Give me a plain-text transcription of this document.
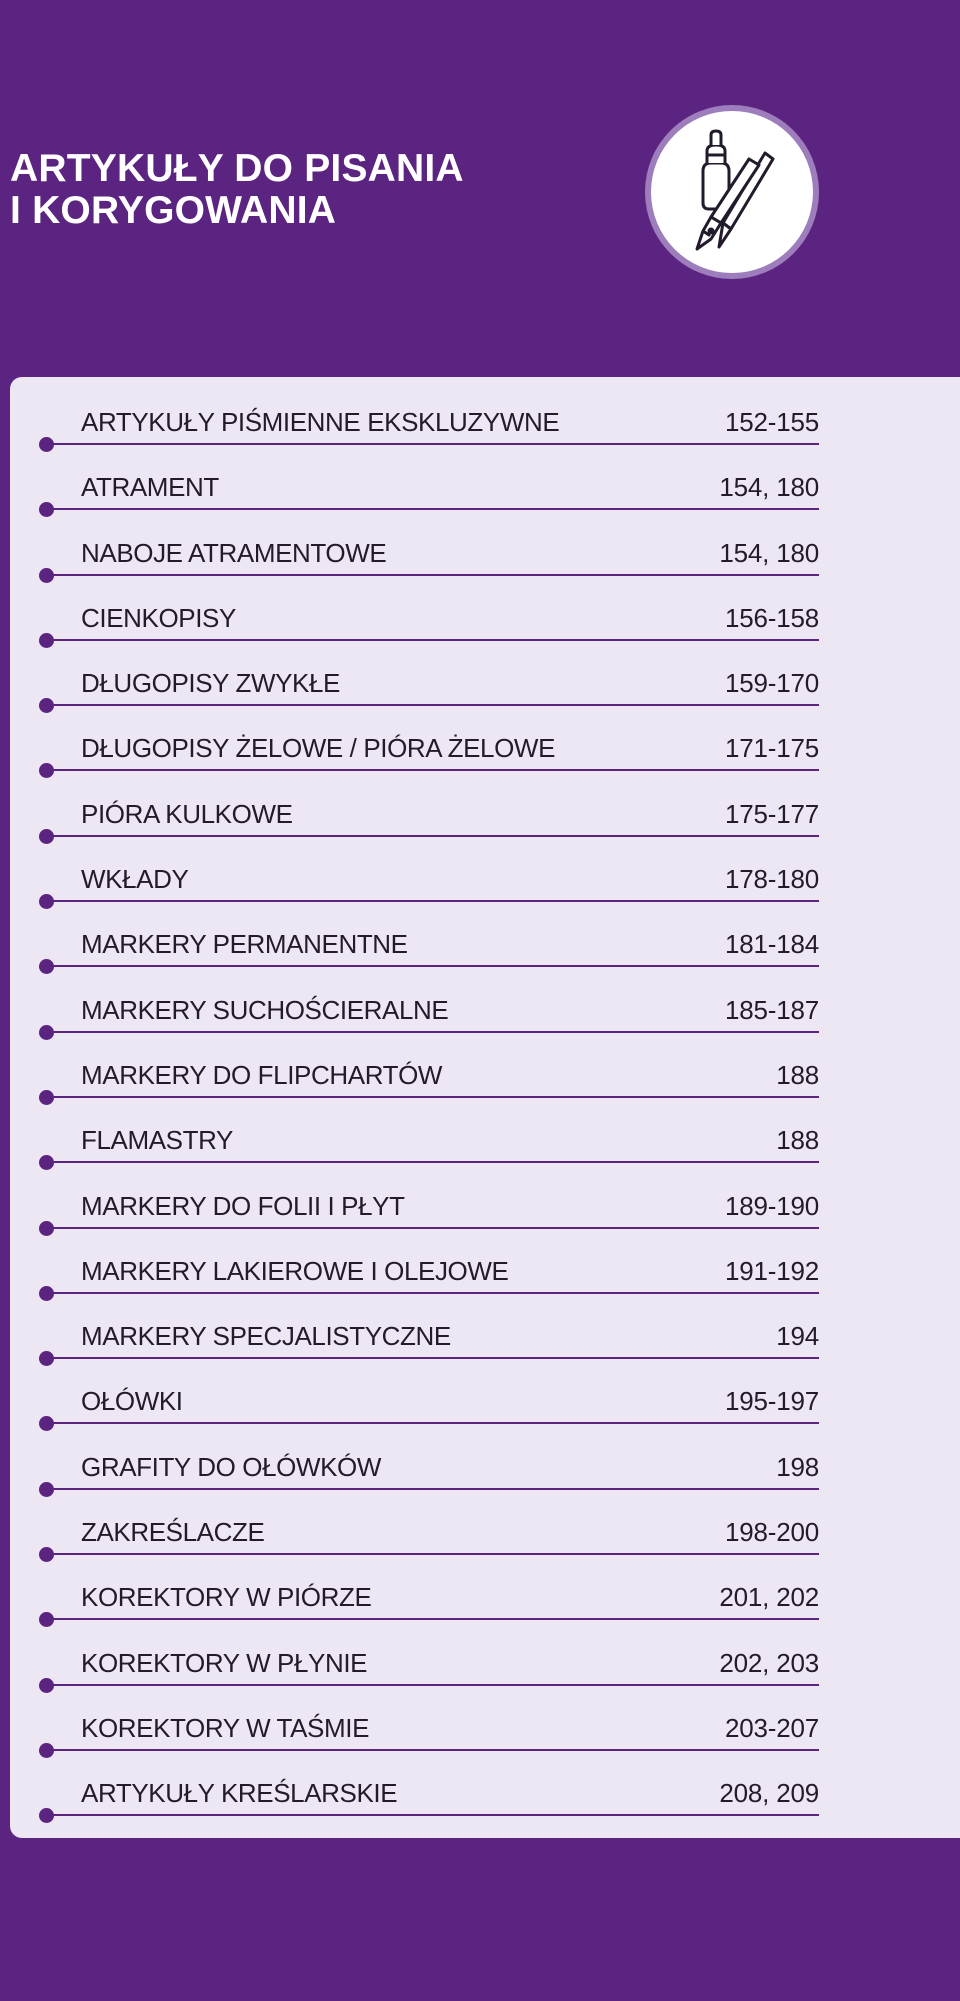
ARTYKUŁY DO PISANIA
I KORYGOWANIA
ARTYKUŁY PIŚMIENNE EKSKLUZYWNE	152-155
ATRAMENT	154, 180
NABOJE ATRAMENTOWE	154, 180
CIENKOPISY	156-158
DŁUGOPISY ZWYKŁE	159-170
DŁUGOPISY ŻELOWE / PIÓRA ŻELOWE	171-175
PIÓRA KULKOWE	175-177
WKŁADY	178-180
MARKERY PERMANENTNE	181-184
MARKERY SUCHOŚCIERALNE	185-187
MARKERY DO FLIPCHARTÓW	188
FLAMASTRY	188
MARKERY DO FOLII I PŁYT	189-190
MARKERY LAKIEROWE I OLEJOWE	191-192
MARKERY SPECJALISTYCZNE	194
OŁÓWKI	195-197
GRAFITY DO OŁÓWKÓW	198
ZAKREŚLACZE	198-200
KOREKTORY W PIÓRZE	201, 202
KOREKTORY W PŁYNIE	202, 203
KOREKTORY W TAŚMIE	203-207
ARTYKUŁY KREŚLARSKIE	208, 209
